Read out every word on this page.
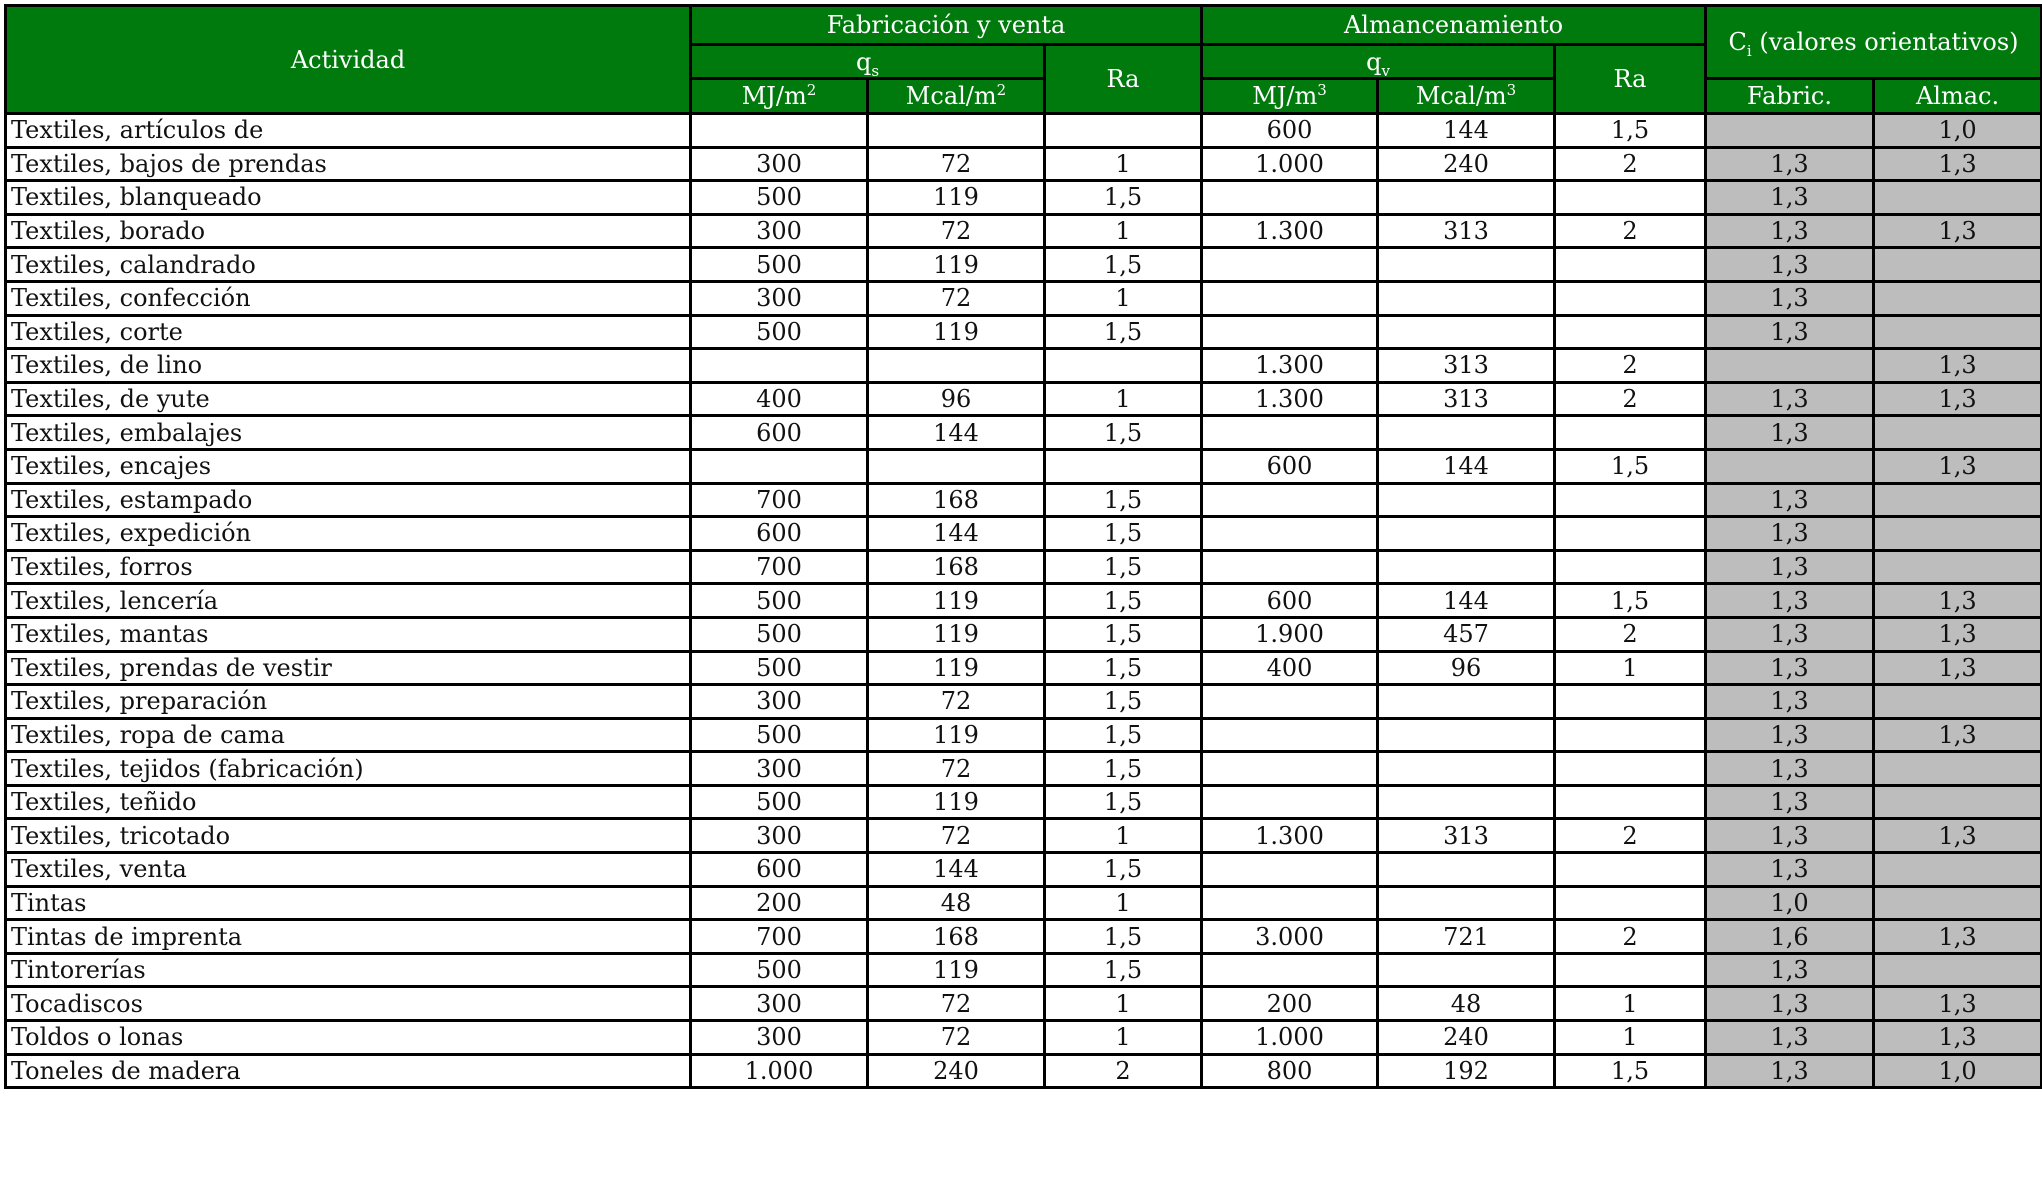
Actividad	Fabricación y venta			Almancenamiento			$C_i$ (valores orientativos)	
	$q_s$		Ra	$q_v$		Ra		
	$MJ/m^2$	Mcal/$m^2$		$MJ/m^3$	Mcal/$m^3$		Fabric.	Almac.
Textiles, artículos de				600	144	1,5		1,0
Textiles, bajos de prendas	300	72	1	1.000	240	2	1,3	1,3
Textiles, blanqueado	500	119	1,5				1,3	
Textiles, borado	300	72	1	1.300	313	2	1,3	1,3
Textiles, calandrado	500	119	1,5				1,3	
Textiles, confección	300	72	1				1,3	
Textiles, corte	500	119	1,5				1,3	
Textiles, de lino				1.300	313	2		1,3
Textiles, de yute	400	96	1	1.300	313	2	1,3	1,3
Textiles, embalajes	600	144	1,5				1,3	
Textiles, encajes				600	144	1,5		1,3
Textiles, estampado	700	168	1,5				1,3	
Textiles, expedición	600	144	1,5				1,3	
Textiles, forros	700	168	1,5				1,3	
Textiles, lencería	500	119	1,5	600	144	1,5	1,3	1,3
Textiles, mantas	500	119	1,5	1.900	457	2	1,3	1,3
Textiles, prendas de vestir	500	119	1,5	400	96	1	1,3	1,3
Textiles, preparación	300	72	1,5				1,3	
Textiles, ropa de cama	500	119	1,5				1,3	1,3
Textiles, tejidos (fabricación)	300	72	1,5				1,3	
Textiles, teñido	500	119	1,5				1,3	
Textiles, tricotado	300	72	1	1.300	313	2	1,3	1,3
Textiles, venta	600	144	1,5				1,3	
Tintas	200	48	1				1,0	
Tintas de imprenta	700	168	1,5	3.000	721	2	1,6	1,3
Tintorerías	500	119	1,5				1,3	
Tocadiscos	300	72	1	200	48	1	1,3	1,3
Toldos o lonas	300	72	1	1.000	240	1	1,3	1,3
Toneles de madera	1.000	240	2	800	192	1,5	1,3	1,0
